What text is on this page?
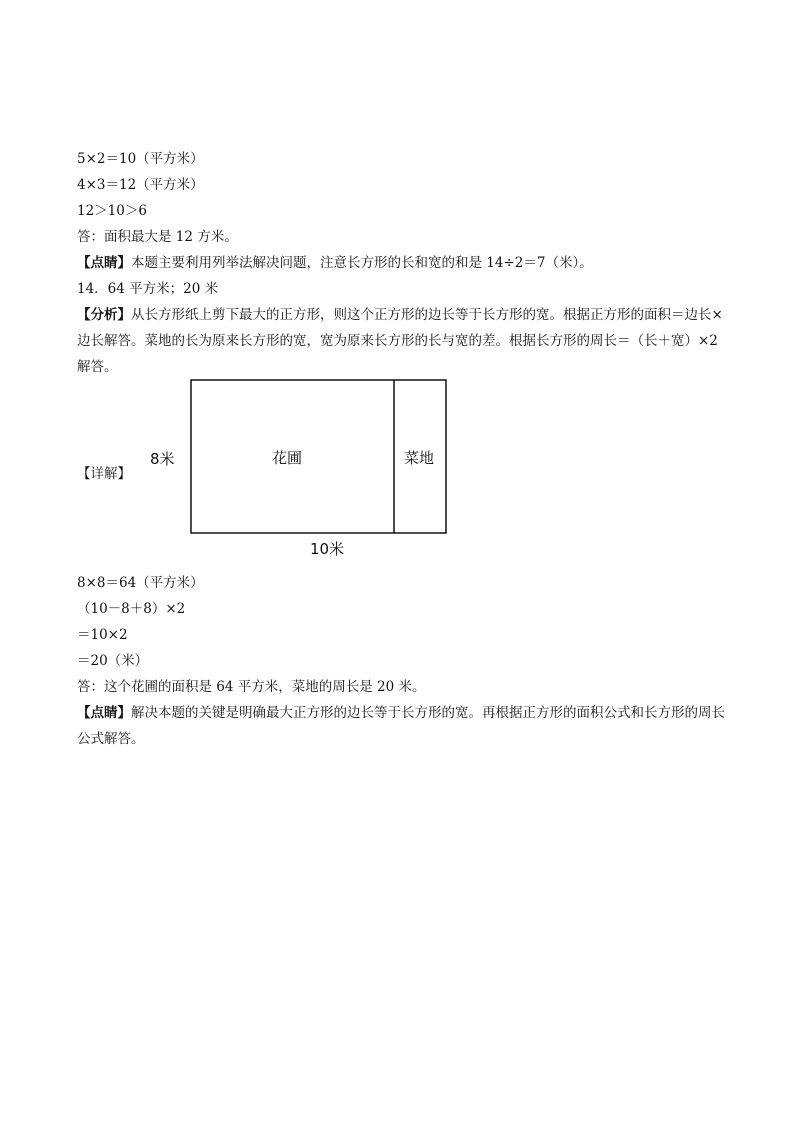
5×2＝10（平方米）
4×3＝12（平方米）
12＞10＞6
答：面积最大是 12 方米。
【点睛】本题主要利用列举法解决问题，注意长方形的长和宽的和是 14÷2＝7（米）。
14．64 平方米；20 米
【分析】从长方形纸上剪下最大的正方形，则这个正方形的边长等于长方形的宽。根据正方形的面积＝边长×边长解答。菜地的长为原来长方形的宽，宽为原来长方形的长与宽的差。根据长方形的周长＝（长＋宽）×2 解答。
【详解】
8米	花圃	菜地
10米
8×8＝64（平方米）
（10－8＋8）×2
＝10×2
＝20（米）
答：这个花圃的面积是 64 平方米，菜地的周长是 20 米。
【点睛】解决本题的关键是明确最大正方形的边长等于长方形的宽。再根据正方形的面积公式和长方形的周长公式解答。
